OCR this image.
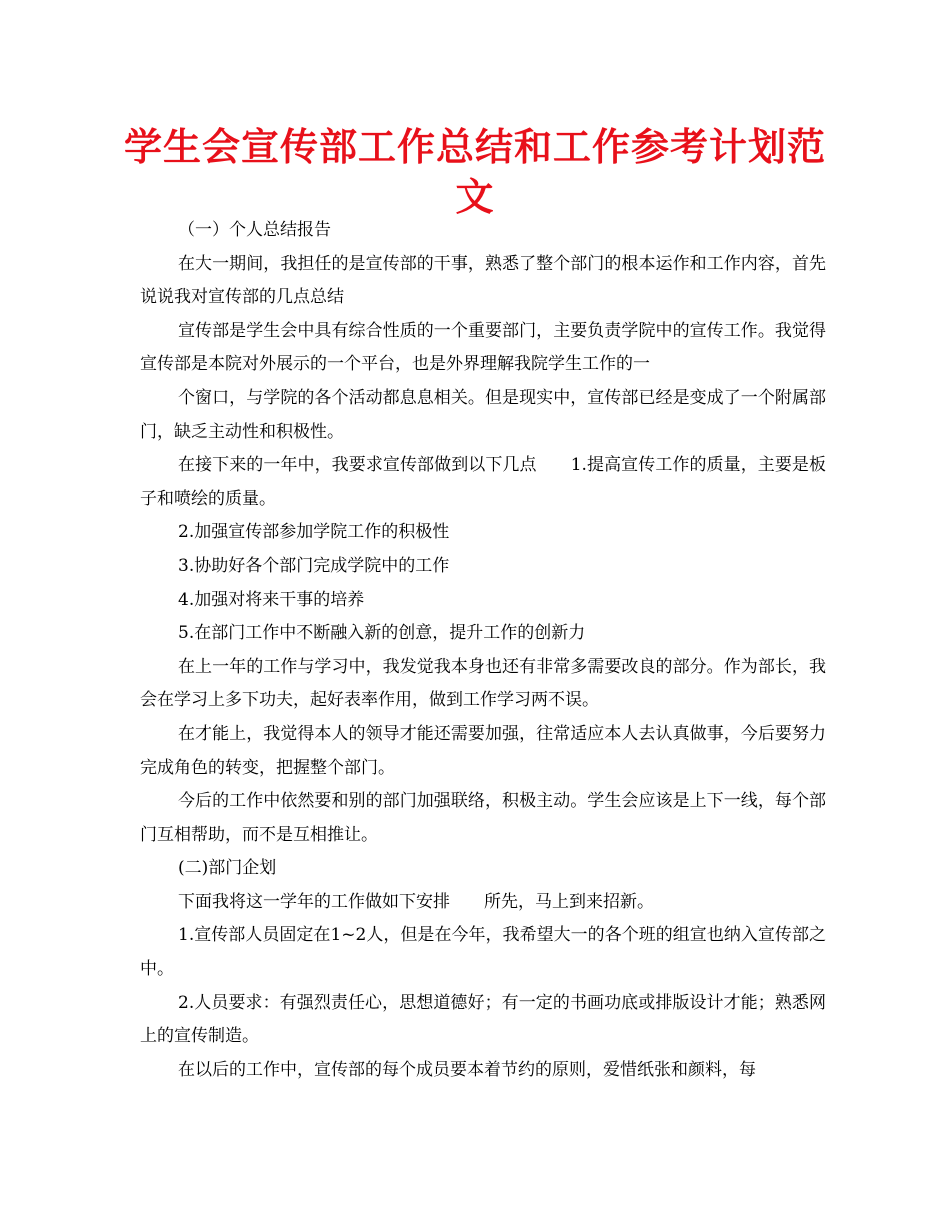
学生会宣传部工作总结和工作参考计划范文

（一）个人总结报告

在大一期间，我担任的是宣传部的干事，熟悉了整个部门的根本运作和工作内容，首先说说我对宣传部的几点总结

宣传部是学生会中具有综合性质的一个重要部门，主要负责学院中的宣传工作。我觉得宣传部是本院对外展示的一个平台，也是外界理解我院学生工作的一

个窗口，与学院的各个活动都息息相关。但是现实中，宣传部已经是变成了一个附属部门，缺乏主动性和积极性。

在接下来的一年中，我要求宣传部做到以下几点　　1.提高宣传工作的质量，主要是板子和喷绘的质量。

2.加强宣传部参加学院工作的积极性

3.协助好各个部门完成学院中的工作

4.加强对将来干事的培养

5.在部门工作中不断融入新的创意，提升工作的创新力

在上一年的工作与学习中，我发觉我本身也还有非常多需要改良的部分。作为部长，我会在学习上多下功夫，起好表率作用，做到工作学习两不误。

在才能上，我觉得本人的领导才能还需要加强，往常适应本人去认真做事，今后要努力完成角色的转变，把握整个部门。

今后的工作中依然要和别的部门加强联络，积极主动。学生会应该是上下一线，每个部门互相帮助，而不是互相推让。

(二)部门企划

下面我将这一学年的工作做如下安排　　所先，马上到来招新。

1.宣传部人员固定在1~2人，但是在今年，我希望大一的各个班的组宣也纳入宣传部之中。

2.人员要求：有强烈责任心，思想道德好；有一定的书画功底或排版设计才能；熟悉网上的宣传制造。

在以后的工作中，宣传部的每个成员要本着节约的原则，爱惜纸张和颜料，每
